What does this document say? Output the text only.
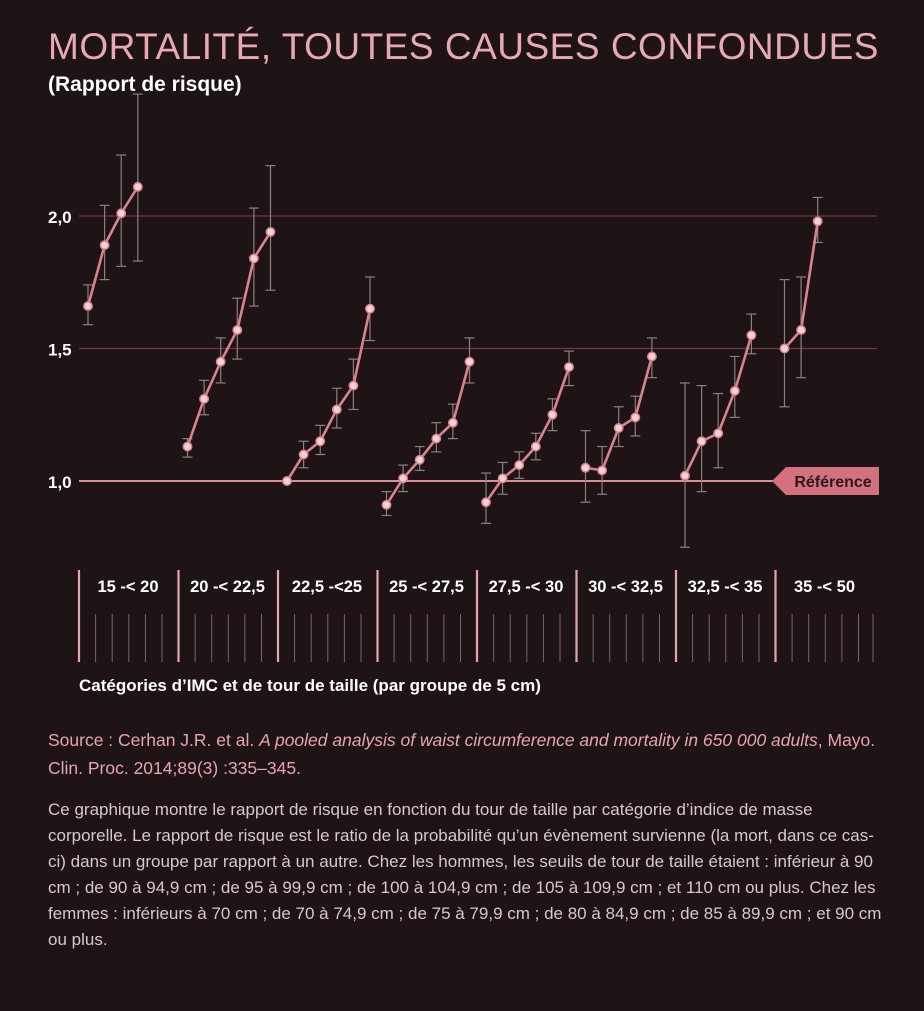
MORTALITÉ, TOUTES CAUSES CONFONDUES
(Rapport de risque)
1,0
1,5
2,0
Référence
15 -< 20 20 -< 22,5 22,5 -<25 25 -< 27,5 27,5 -< 30 30 -< 32,5 32,5 -< 35 35 -< 50
Catégories d’IMC et de tour de taille (par groupe de 5 cm)
Source : Cerhan J.R. et al. A pooled analysis of waist circumference and mortality in 650 000 adults, Mayo. Clin. Proc. 2014;89(3) :335–345.
Ce graphique montre le rapport de risque en fonction du tour de taille par catégorie d’indice de masse corporelle. Le rapport de risque est le ratio de la probabilité qu’un évènement survienne (la mort, dans ce cas-ci) dans un groupe par rapport à un autre. Chez les hommes, les seuils de tour de taille étaient : inférieur à 90 cm ; de 90 à 94,9 cm ; de 95 à 99,9 cm ; de 100 à 104,9 cm ; de 105 à 109,9 cm ; et 110 cm ou plus. Chez les femmes : inférieurs à 70 cm ; de 70 à 74,9 cm ; de 75 à 79,9 cm ; de 80 à 84,9 cm ; de 85 à 89,9 cm ; et 90 cm ou plus.
